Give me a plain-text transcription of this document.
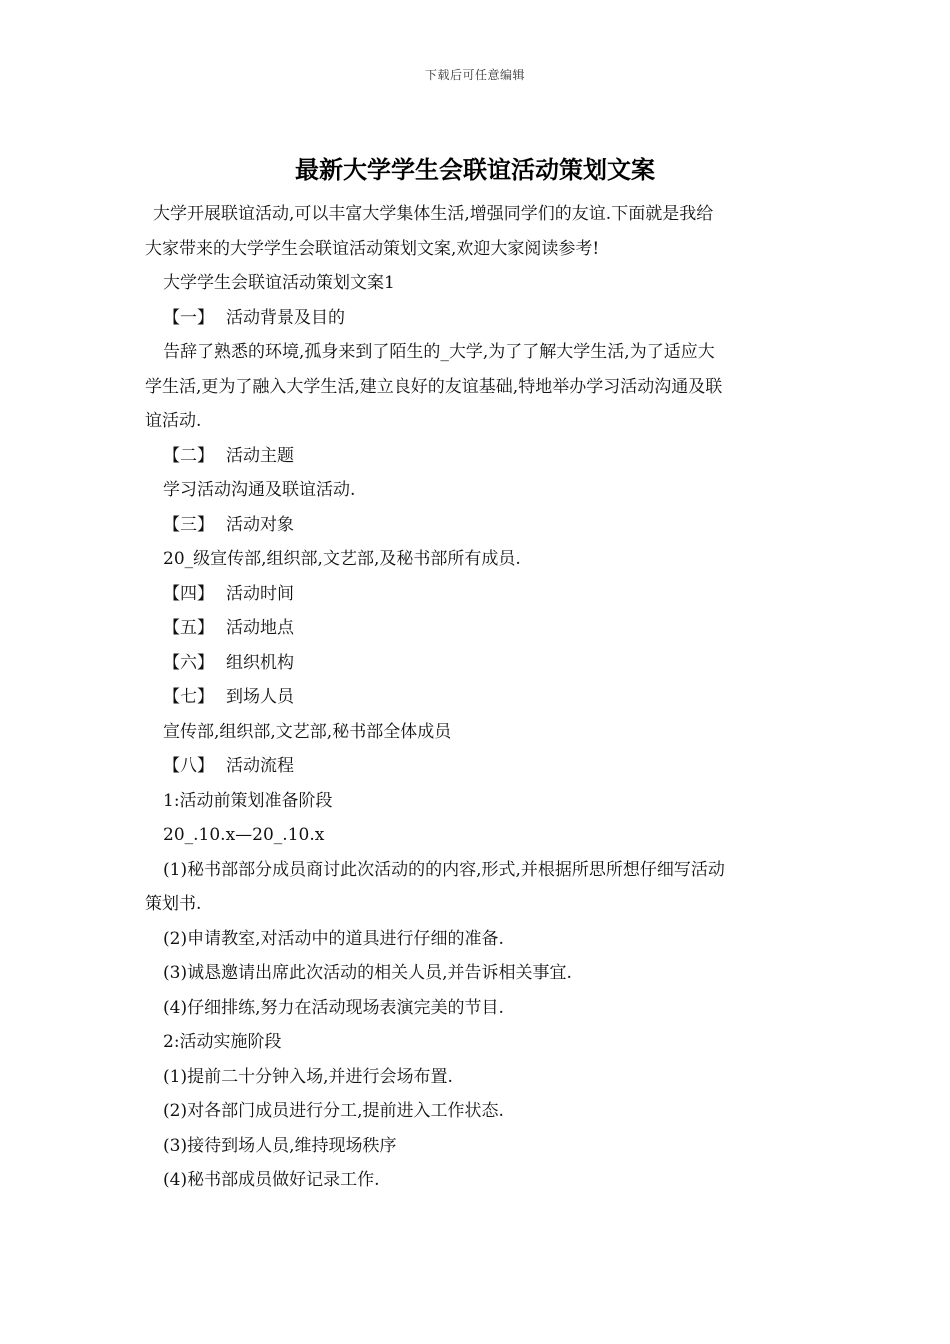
下载后可任意编辑
最新大学学生会联谊活动策划文案
大学开展联谊活动,可以丰富大学集体生活,增强同学们的友谊.下面就是我给
大家带来的大学学生会联谊活动策划文案,欢迎大家阅读参考!
大学学生会联谊活动策划文案1
【一】 活动背景及目的
告辞了熟悉的环境,孤身来到了陌生的_大学,为了了解大学生活,为了适应大
学生活,更为了融入大学生活,建立良好的友谊基础,特地举办学习活动沟通及联
谊活动.
【二】 活动主题
学习活动沟通及联谊活动.
【三】 活动对象
20_级宣传部,组织部,文艺部,及秘书部所有成员.
【四】 活动时间
【五】 活动地点
【六】 组织机构
【七】 到场人员
宣传部,组织部,文艺部,秘书部全体成员
【八】 活动流程
1:活动前策划准备阶段
20_.10.x—20_.10.x
(1)秘书部部分成员商讨此次活动的的内容,形式,并根据所思所想仔细写活动
策划书.
(2)申请教室,对活动中的道具进行仔细的准备.
(3)诚恳邀请出席此次活动的相关人员,并告诉相关事宜.
(4)仔细排练,努力在活动现场表演完美的节目.
2:活动实施阶段
(1)提前二十分钟入场,并进行会场布置.
(2)对各部门成员进行分工,提前进入工作状态.
(3)接待到场人员,维持现场秩序
(4)秘书部成员做好记录工作.
